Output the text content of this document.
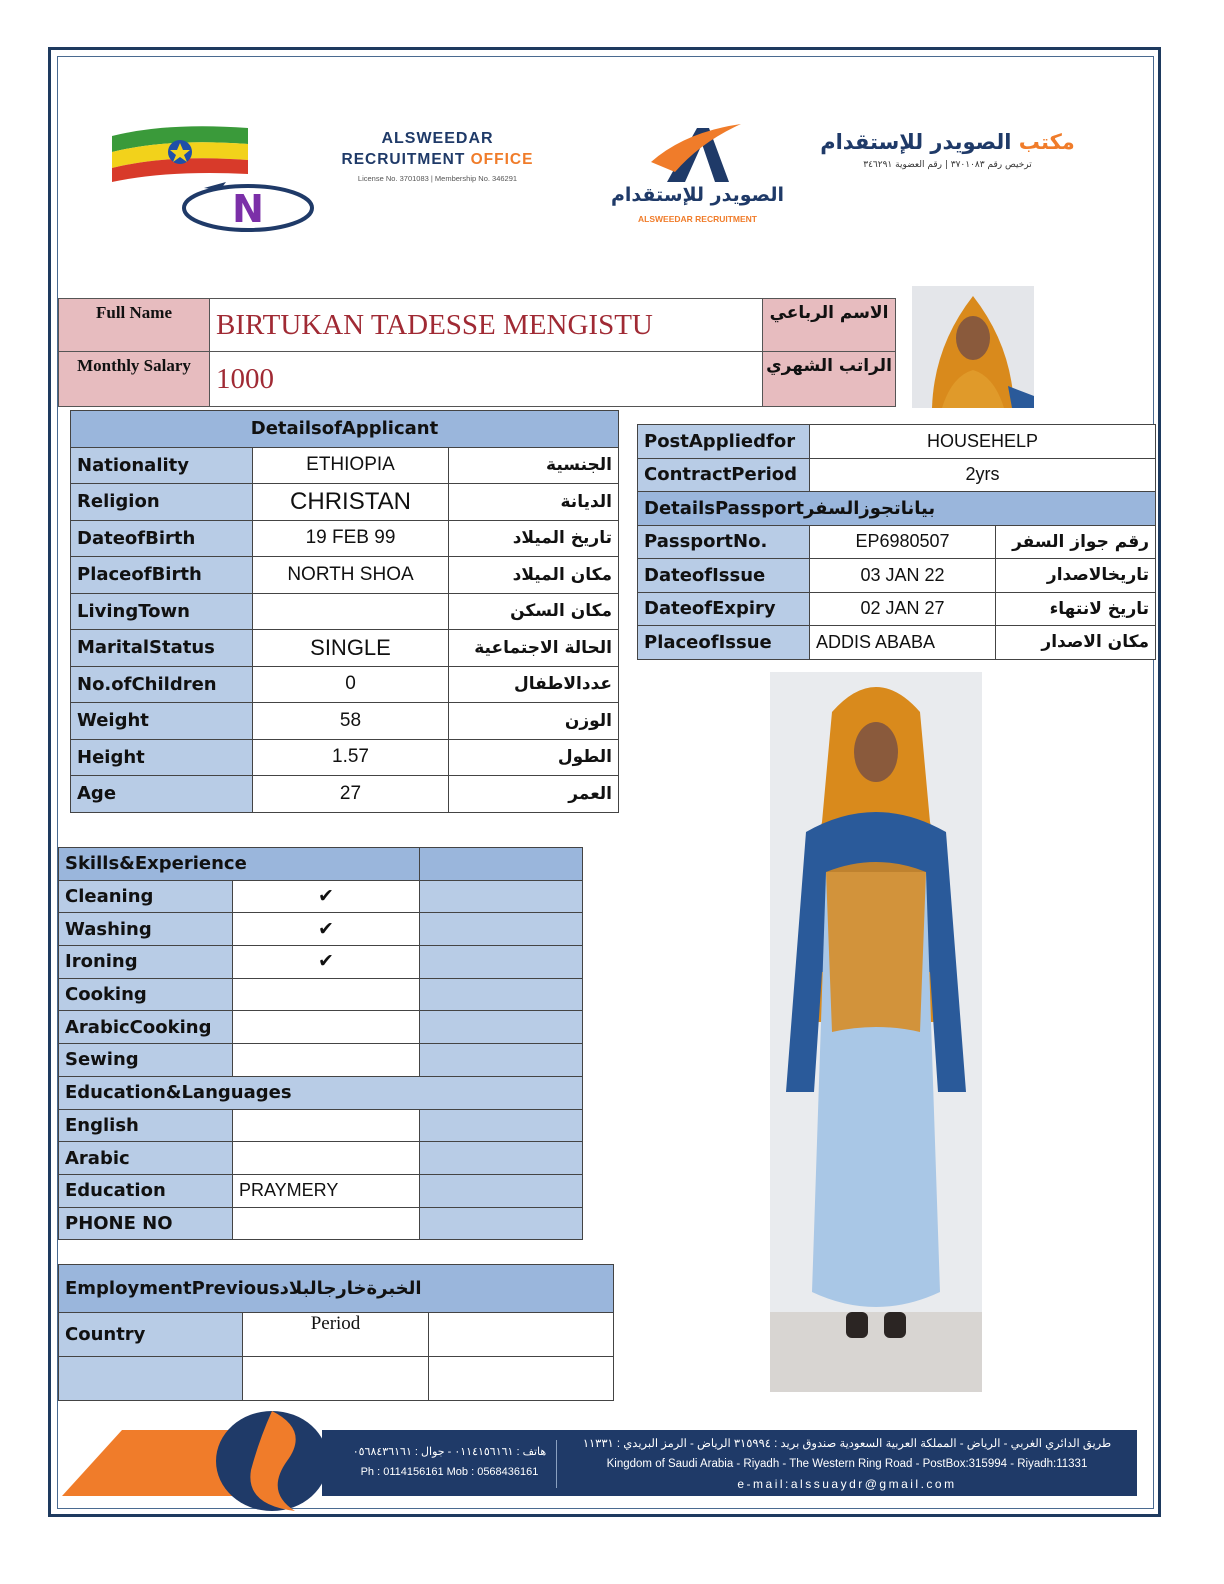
N
ALSWEEDAR
RECRUITMENT OFFICE
License No. 3701083 | Membership No. 346291
الصويدر للإستقدام
ALSWEEDAR RECRUITMENT
مكتب الصويدر للإستقدام
ترخيص رقم ٣٧٠١٠٨٣ | رقم العضوية ٣٤٦٢٩١
Full Name	BIRTUKAN TADESSE MENGISTU	الاسم الرباعي
Monthly Salary	1000	الراتب الشهري
DetailsofApplicant		
Nationality	ETHIOPIA	الجنسية
Religion	CHRISTAN	الديانة
DateofBirth	19 FEB 99	تاريخ الميلاد
PlaceofBirth	NORTH SHOA	مكان الميلاد
LivingTown		مكان السكن
MaritalStatus	SINGLE	الحالة الاجتماعية
No.ofChildren	0	عددالاطفال
Weight	58	الوزن
Height	1.57	الطول
Age	27	العمر
PostAppliedfor	HOUSEHELP	
ContractPeriod	2yrs	
DetailsPassportبياناتجوزالسفر		
PassportNo.	EP6980507	رقم جواز السفر
DateofIssue	03 JAN 22	تاريخالاصدار
DateofExpiry	02 JAN 27	تاريخ لانتهاء
PlaceofIssue	ADDIS ABABA	مكان الاصدار
Skills&Experience		
Cleaning	✔	
Washing	✔	
Ironing	✔	
Cooking		
ArabicCooking		
Sewing		
Education&Languages		
English		
Arabic		
Education	PRAYMERY	
PHONE NO		
EmploymentPreviousالخبرةخارجالبلاد		
Country	Period	

هاتف : ٠١١٤١٥٦١٦١ - جوال : ٠٥٦٨٤٣٦١٦١
Ph : 0114156161 Mob : 0568436161
طريق الدائري الغربي - الرياض - المملكة العربية السعودية صندوق بريد : ٣١٥٩٩٤ الرياض - الرمز البريدي : ١١٣٣١
Kingdom of Saudi Arabia - Riyadh - The Western Ring Road - PostBox:315994 - Riyadh:11331
e-mail:alssuaydr@gmail.com
